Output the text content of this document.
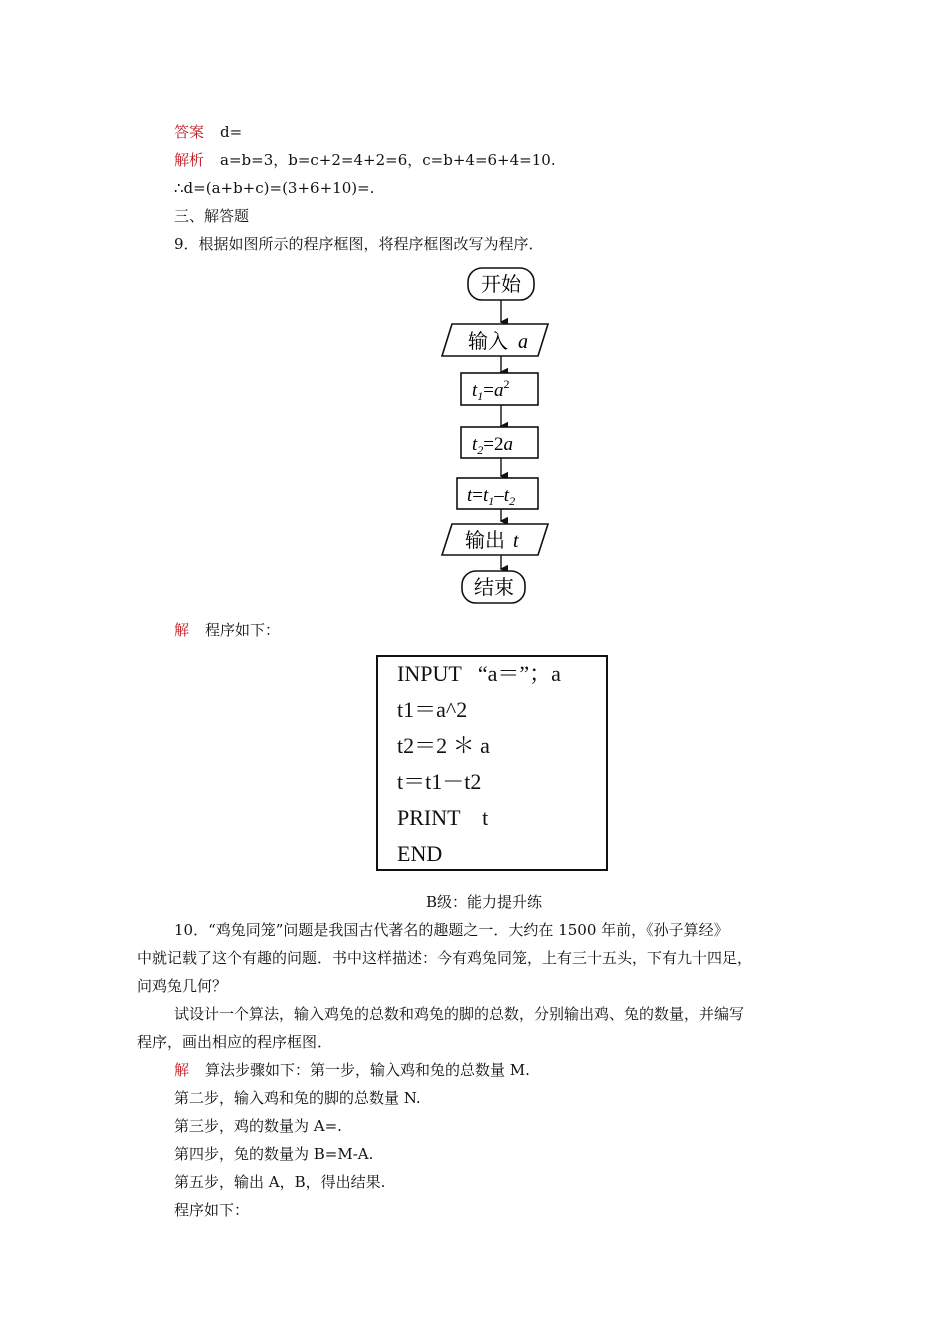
答案 d=
解析 a=b=3，b=c+2=4+2=6，c=b+4=6+4=10.
∴d=(a+b+c)=(3+6+10)=.
三、解答题
9．根据如图所示的程序框图，将程序框图改写为程序．
开始
输入 a
$t_1=a^2$
$t_2=2a$
$t=t_1-t_2$
输出 t
结束
解 程序如下：
INPUT   “a＝”；a
t1＝a^2
t2＝2 ＊ a
t＝t1－t2
PRINT    t
END
B级：能力提升练
10．“鸡兔同笼”问题是我国古代著名的趣题之一．大约在 1500 年前，《孙子算经》
中就记载了这个有趣的问题．书中这样描述：今有鸡兔同笼，上有三十五头，下有九十四足，
问鸡兔几何？
试设计一个算法，输入鸡兔的总数和鸡兔的脚的总数，分别输出鸡、兔的数量，并编写
程序，画出相应的程序框图．
解 算法步骤如下：第一步，输入鸡和兔的总数量 M.
第二步，输入鸡和兔的脚的总数量 N.
第三步，鸡的数量为 A=.
第四步，兔的数量为 B=M-A.
第五步，输出 A，B，得出结果.
程序如下：
